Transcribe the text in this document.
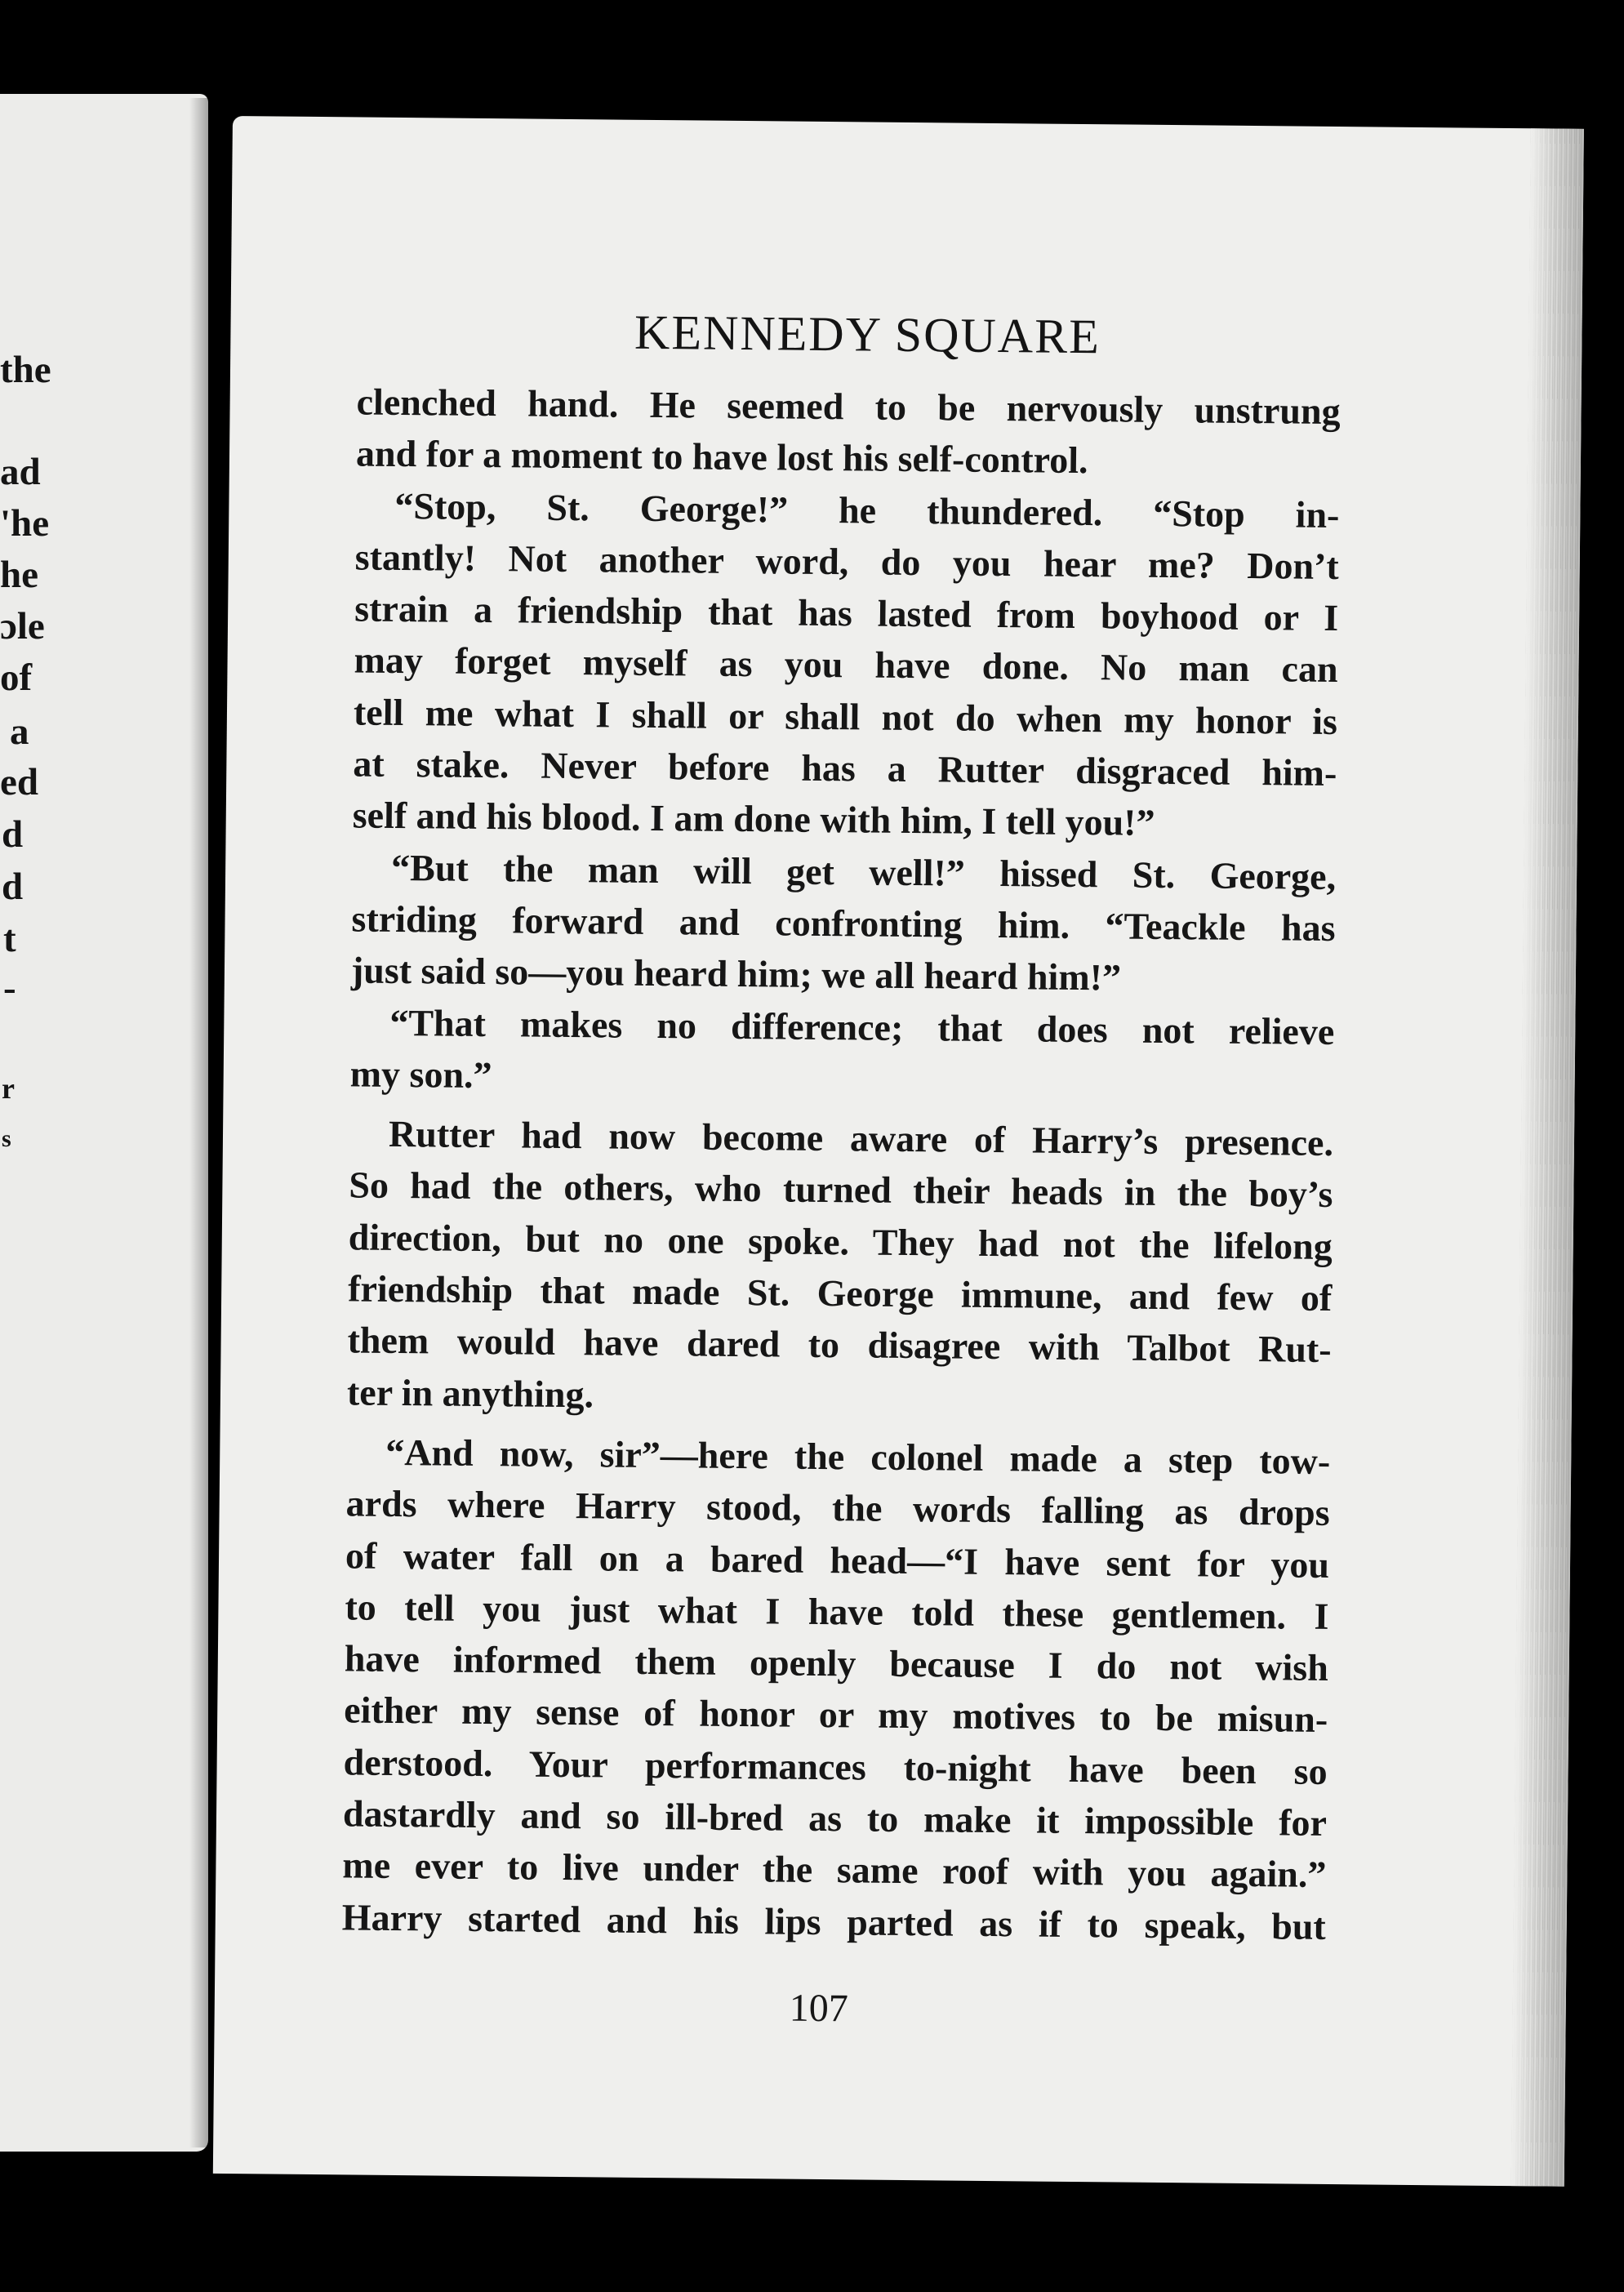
the
ad
'he
he
ɔle
of
a
ed
d
d
t
-
r
s
KENNEDY SQUARE
clenched hand. He seemed to be nervously unstrung
and for a moment to have lost his self-control.
“Stop, St. George!” he thundered. “Stop in-
stantly! Not another word, do you hear me? Don’t
strain a friendship that has lasted from boyhood or I
may forget myself as you have done. No man can
tell me what I shall or shall not do when my honor is
at stake. Never before has a Rutter disgraced him-
self and his blood. I am done with him, I tell you!”
“But the man will get well!” hissed St. George,
striding forward and confronting him. “Teackle has
just said so—you heard him; we all heard him!”
“That makes no difference; that does not relieve
my son.”
Rutter had now become aware of Harry’s presence.
So had the others, who turned their heads in the boy’s
direction, but no one spoke. They had not the lifelong
friendship that made St. George immune, and few of
them would have dared to disagree with Talbot Rut-
ter in anything.
“And now, sir”—here the colonel made a step tow-
ards where Harry stood, the words falling as drops
of water fall on a bared head—“I have sent for you
to tell you just what I have told these gentlemen. I
have informed them openly because I do not wish
either my sense of honor or my motives to be misun-
derstood. Your performances to-night have been so
dastardly and so ill-bred as to make it impossible for
me ever to live under the same roof with you again.”
Harry started and his lips parted as if to speak, but
107
